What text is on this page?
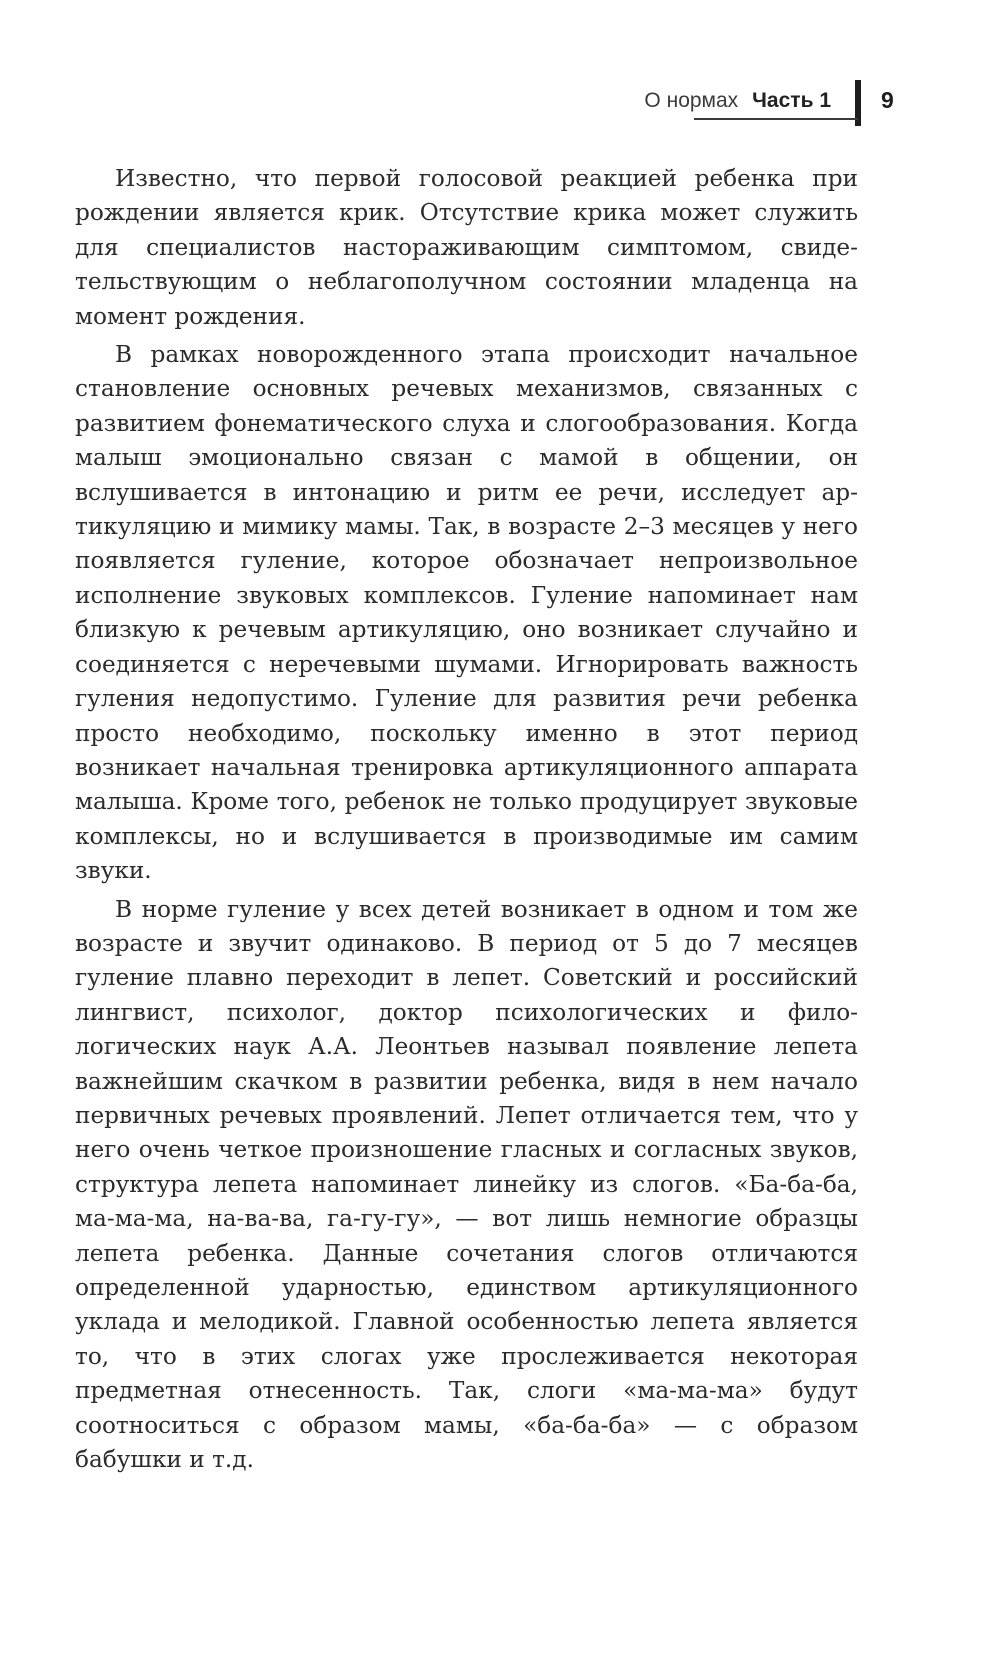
О нормах Часть 1 9

Известно, что первой голосовой реакцией ребенка при рождении является крик. Отсутствие крика может служить для специалистов настораживающим симптомом, свидетельствующим о неблагополучном состоянии младенца на момент рождения.

В рамках новорожденного этапа происходит начальное становление основных речевых механизмов, связанных с развитием фонематического слуха и слогообразования. Когда малыш эмоционально связан с мамой в общении, он вслушивается в интонацию и ритм ее речи, исследует артикуляцию и мимику мамы. Так, в возрасте 2–3 месяцев у него появляется гуление, которое обозначает непроизвольное исполнение звуковых комплексов. Гуление напоминает нам близкую к речевым артикуляцию, оно возникает случайно и соединяется с неречевыми шумами. Игнорировать важность гуления недопустимо. Гуление для развития речи ребенка просто необходимо, поскольку именно в этот период возникает начальная тренировка артикуляционного аппарата малыша. Кроме того, ребенок не только продуцирует звуковые комплексы, но и вслушивается в производимые им самим звуки.

В норме гуление у всех детей возникает в одном и том же возрасте и звучит одинаково. В период от 5 до 7 месяцев гуление плавно переходит в лепет. Советский и российский лингвист, психолог, доктор психологических и филологических наук А.А. Леонтьев называл появление лепета важнейшим скачком в развитии ребенка, видя в нем начало первичных речевых проявлений. Лепет отличается тем, что у него очень четкое произношение гласных и согласных звуков, структура лепета напоминает линейку из слогов. «Ба-ба-ба, ма-ма-ма, на-ва-ва, га-гу-гу», — вот лишь немногие образцы лепета ребенка. Данные сочетания слогов отличаются определенной ударностью, единством артикуляционного уклада и мелодикой. Главной особенностью лепета является то, что в этих слогах уже прослеживается некоторая предметная отнесенность. Так, слоги «ма-ма-ма» будут соотноситься с образом мамы, «ба-ба-ба» — с образом бабушки и т.д.
